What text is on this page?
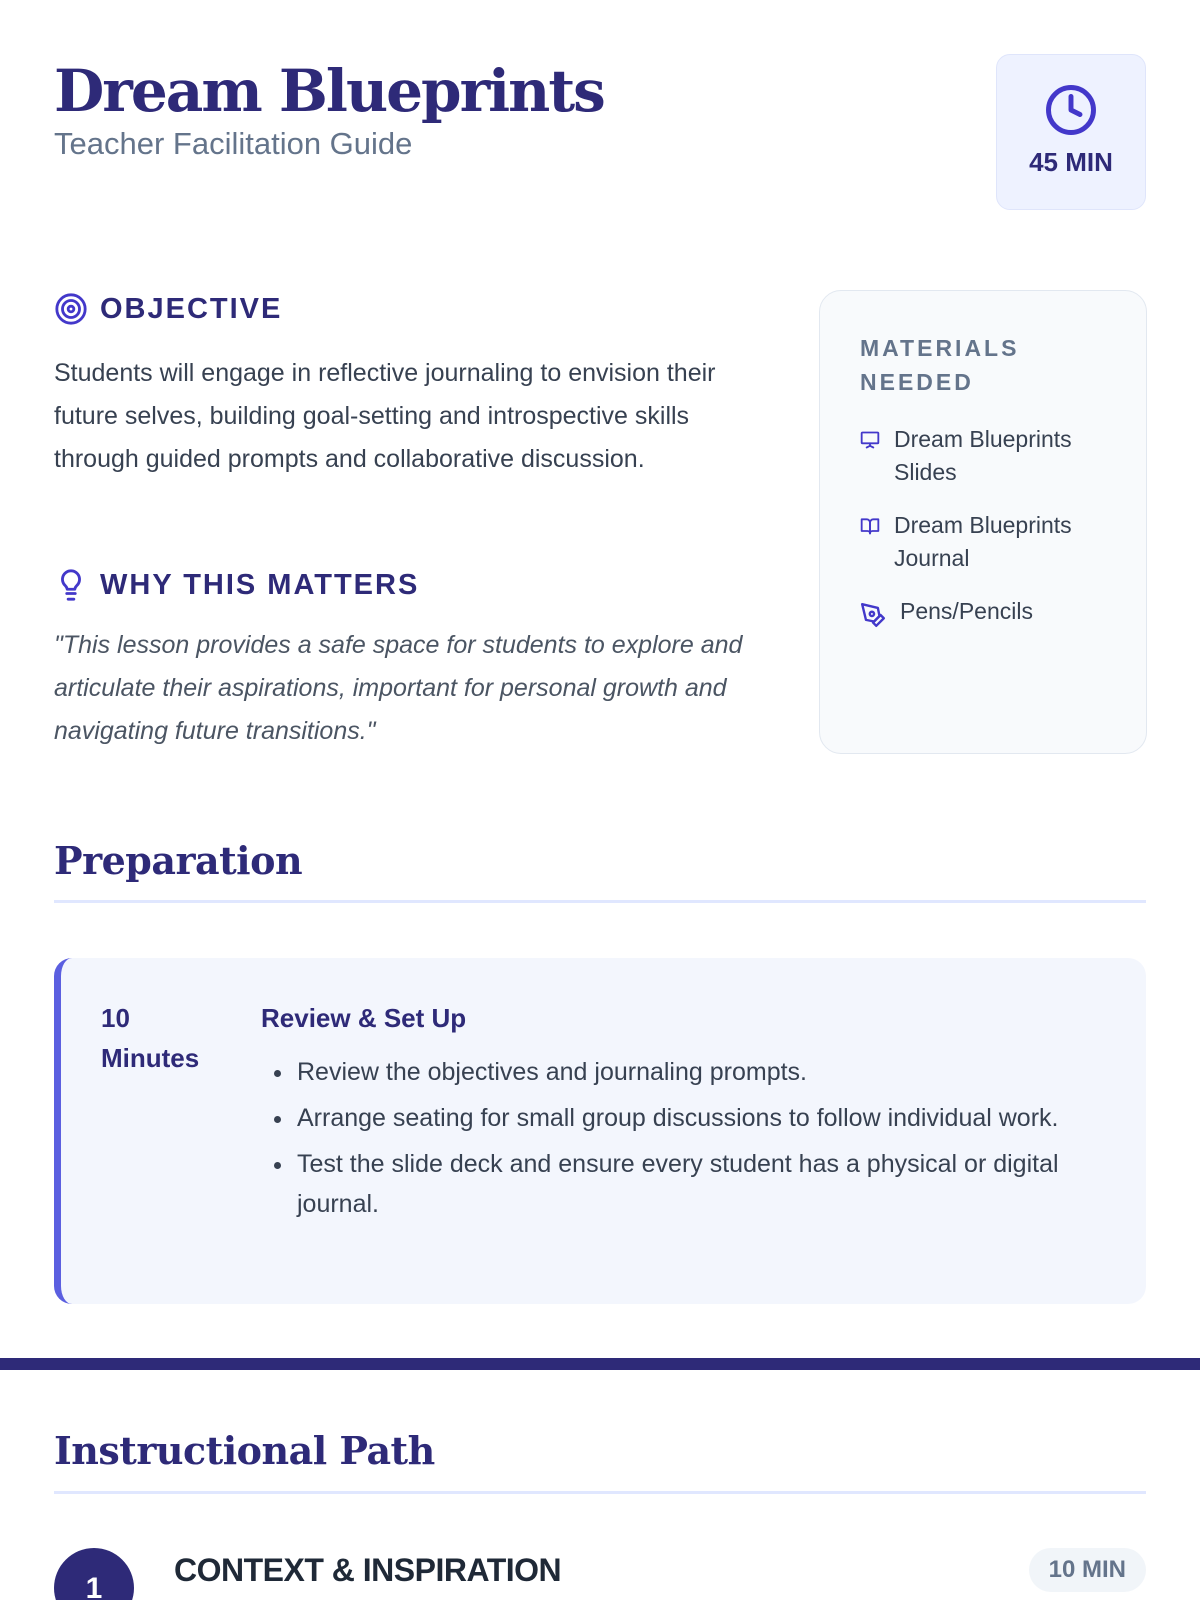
Dream Blueprints
Teacher Facilitation Guide
45 MIN
OBJECTIVE

Students will engage in reflective journaling to envision their future selves, building goal-setting and introspective skills through guided prompts and collaborative discussion.

WHY THIS MATTERS

"This lesson provides a safe space for students to explore and articulate their aspirations, important for personal growth and navigating future transitions."

MATERIALS NEEDED
Dream Blueprints Slides
Dream Blueprints Journal
Pens/Pencils
Preparation
10 Minutes
Review & Set Up
• Review the objectives and journaling prompts.
• Arrange seating for small group discussions to follow individual work.
• Test the slide deck and ensure every student has a physical or digital journal.
Instructional Path
1
CONTEXT & INSPIRATION	10 MIN
